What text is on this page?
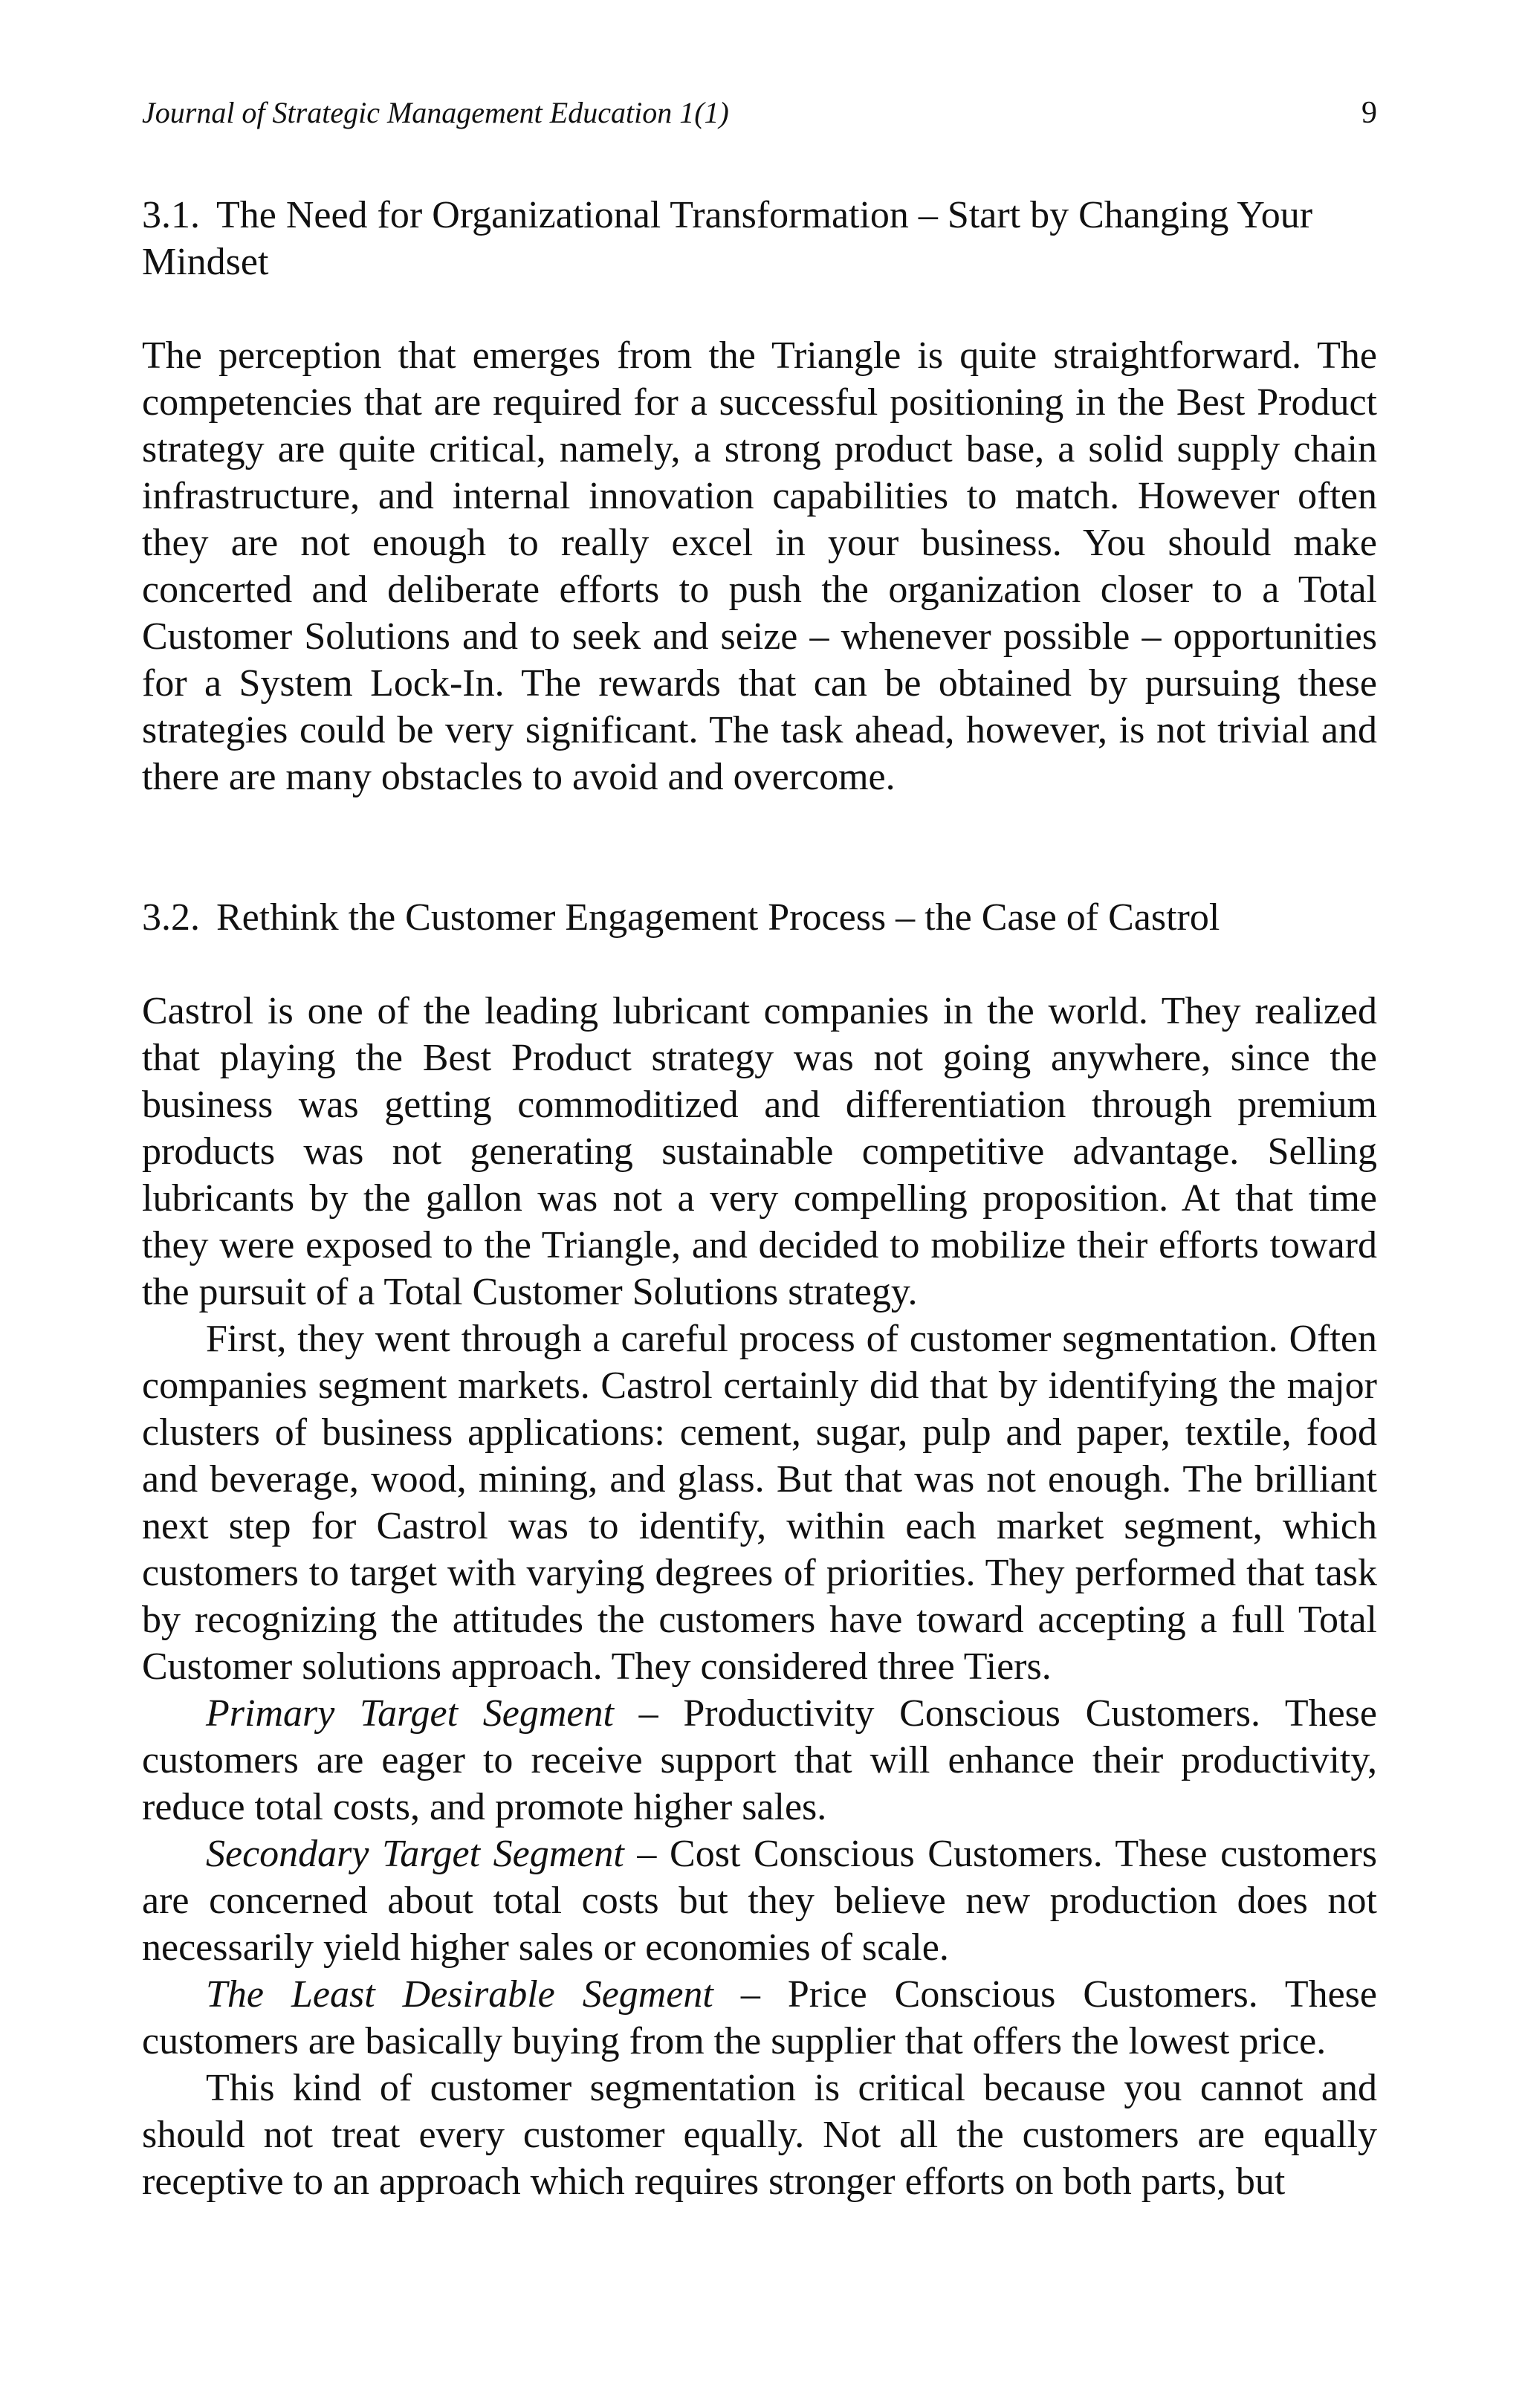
Journal of Strategic Management Education 1(1)	9
3.1. The Need for Organizational Transformation – Start by Changing Your Mindset

The perception that emerges from the Triangle is quite straightforward. The competencies that are required for a successful positioning in the Best Product strategy are quite critical, namely, a strong product base, a solid supply chain infrastructure, and internal innovation capabilities to match. However often they are not enough to really excel in your business. You should make concerted and deliberate efforts to push the organization closer to a Total Customer Solutions and to seek and seize – whenever possible – opportunities for a System Lock-In. The rewards that can be obtained by pursuing these strategies could be very significant. The task ahead, however, is not trivial and there are many obstacles to avoid and overcome.

3.2. Rethink the Customer Engagement Process – the Case of Castrol

Castrol is one of the leading lubricant companies in the world. They realized that playing the Best Product strategy was not going anywhere, since the business was getting commoditized and differentiation through premium products was not generating sustainable competitive advantage. Selling lubricants by the gallon was not a very compelling proposition. At that time they were exposed to the Triangle, and decided to mobilize their efforts toward the pursuit of a Total Customer Solutions strategy.

First, they went through a careful process of customer segmentation. Often companies segment markets. Castrol certainly did that by identifying the major clusters of business applications: cement, sugar, pulp and paper, textile, food and beverage, wood, mining, and glass. But that was not enough. The brilliant next step for Castrol was to identify, within each market segment, which customers to target with varying degrees of priorities. They performed that task by recognizing the attitudes the customers have toward accepting a full Total Customer solutions approach. They considered three Tiers.

Primary Target Segment – Productivity Conscious Customers. These customers are eager to receive support that will enhance their productivity, reduce total costs, and promote higher sales.

Secondary Target Segment – Cost Conscious Customers. These customers are concerned about total costs but they believe new production does not necessarily yield higher sales or economies of scale.

The Least Desirable Segment – Price Conscious Customers. These customers are basically buying from the supplier that offers the lowest price.

This kind of customer segmentation is critical because you cannot and should not treat every customer equally. Not all the customers are equally receptive to an approach which requires stronger efforts on both parts, but
